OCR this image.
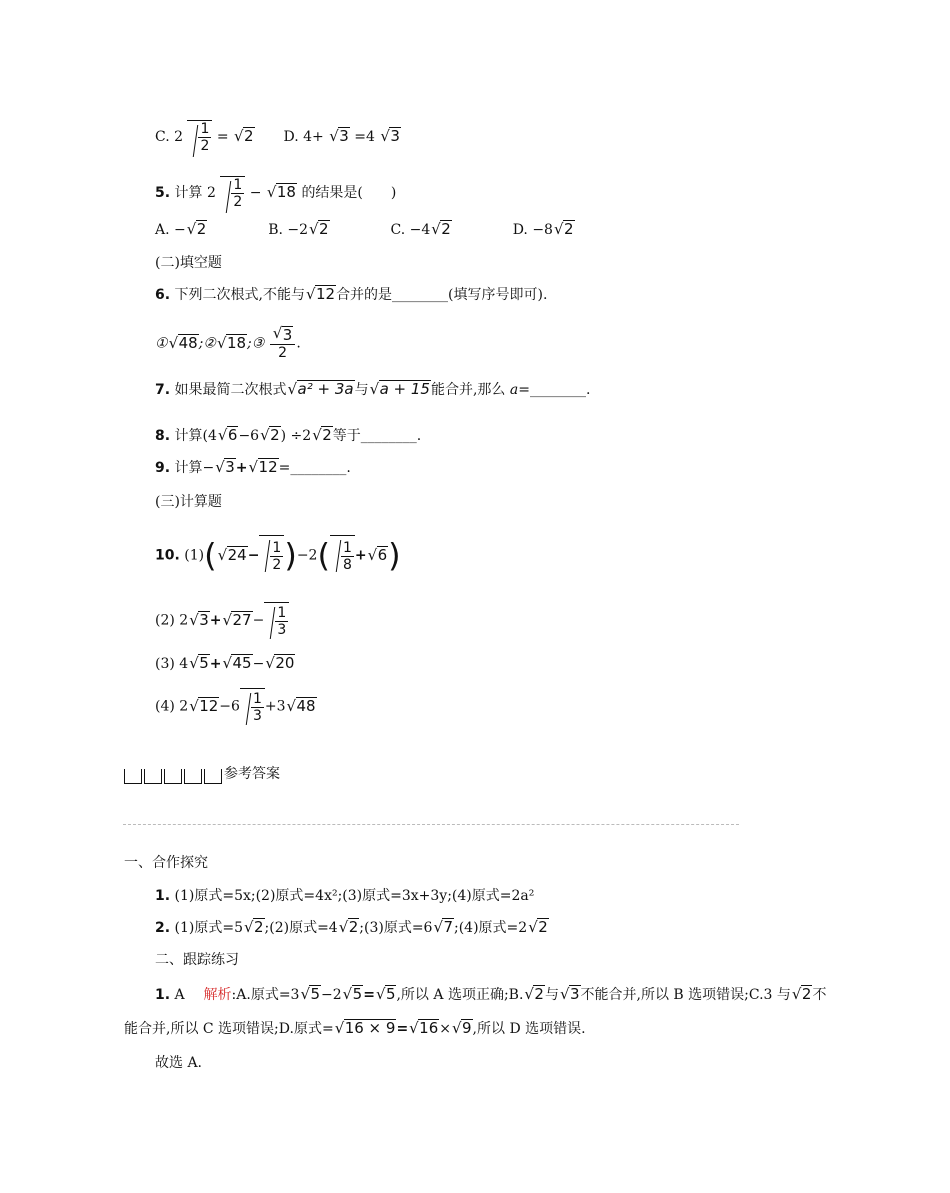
C. $2 \frac{1}{2}$ = √ 2 D. 4+ √ 3 =4 √ 3
5. 计算 $2 \frac{1}{2}$ − √ 18 的结果是(　　)
A. −√ 2	B. −2√ 2	C. −4√ 2	D. −8√ 2
(二)填空题
6. 下列二次根式,不能与√ 12合并的是________(填写序号即可).
①√ 48;②√ 18;③
√ $\frac{3}{2}$ .
7. 如果最简二次根式√ a² + 3a与√ a + 15能合并,那么 a=________.
8. 计算(4√ 6−6√ 2) ÷2√ 2等于________.
9. 计算−√ 3+√ 12=________.
(三)计算题
10. (1)(√ $24- \frac{1}{2} )-2( \frac{1}{8}$ +√ 6)
(2) 2√ 3+√ $27- \frac{1}{3}$
(3) 4√ 5+√ 45−√ 20
(4) 2√ $12-6 \frac{1}{3} +3√$ 48
参考答案
一、合作探究
1. (1)原式=5x;(2)原式=4x²;(3)原式=3x+3y;(4)原式=2a²
2. (1)原式=5√ 2;(2)原式=4√ 2;(3)原式=6√ 7;(4)原式=2√ 2
二、跟踪练习
1. A 解析:A.原式=3√ 5−2√ 5=√ 5,所以 A 选项正确;B.√ 2与√ 3不能合并,所以 B 选项错误;C.3 与√ 2不
能合并,所以 C 选项错误;D.原式=√ 16 × 9=√ 16×√ 9,所以 D 选项错误.
故选 A.
